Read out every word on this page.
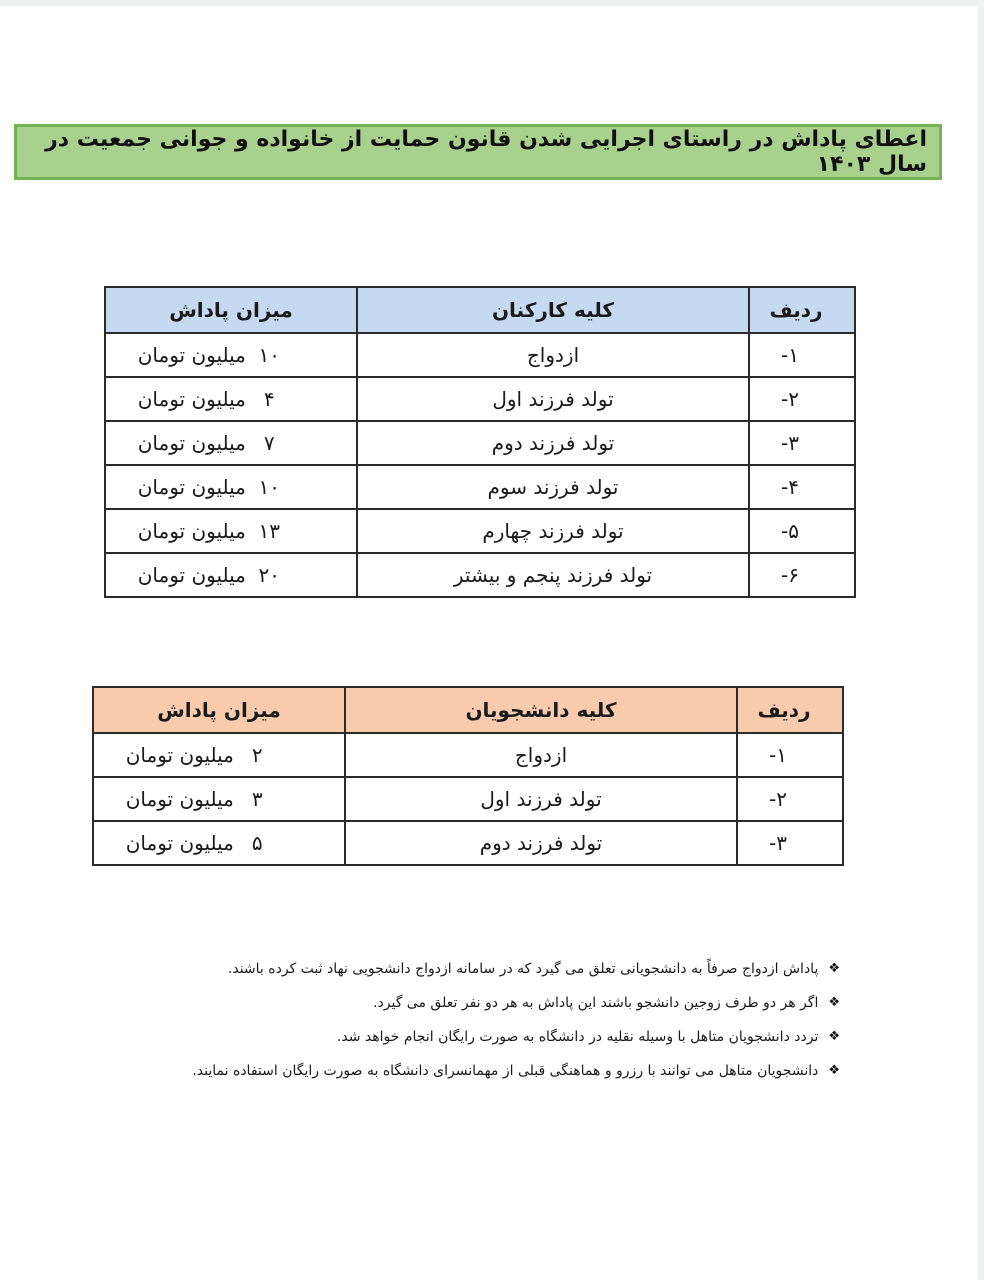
اعطای پاداش در راستای اجرایی شدن قانون حمایت از خانواده و جوانی جمعیت در سال ۱۴۰۳
ردیف	کلیه کارکنان	میزان پاداش
۱-	ازدواج	۱۰ میلیون تومان
۲-	تولد فرزند اول	۴ میلیون تومان
۳-	تولد فرزند دوم	۷ میلیون تومان
۴-	تولد فرزند سوم	۱۰ میلیون تومان
۵-	تولد فرزند چهارم	۱۳ میلیون تومان
۶-	تولد فرزند پنجم و بیشتر	۲۰ میلیون تومان
ردیف	کلیه دانشجویان	میزان پاداش
۱-	ازدواج	۲ میلیون تومان
۲-	تولد فرزند اول	۳ میلیون تومان
۳-	تولد فرزند دوم	۵ میلیون تومان
❖
پاداش ازدواج صرفاً به دانشجویانی تعلق می گیرد که در سامانه ازدواج دانشجویی نهاد ثبت کرده باشند.
❖
اگر هر دو طرف زوجین دانشجو باشند این پاداش به هر دو نفر تعلق می گیرد.
❖
تردد دانشجویان متاهل با وسیله نقلیه در دانشگاه به صورت رایگان انجام خواهد شد.
❖
دانشجویان متاهل می توانند با رزرو و هماهنگی قبلی از مهمانسرای دانشگاه به صورت رایگان استفاده نمایند.
